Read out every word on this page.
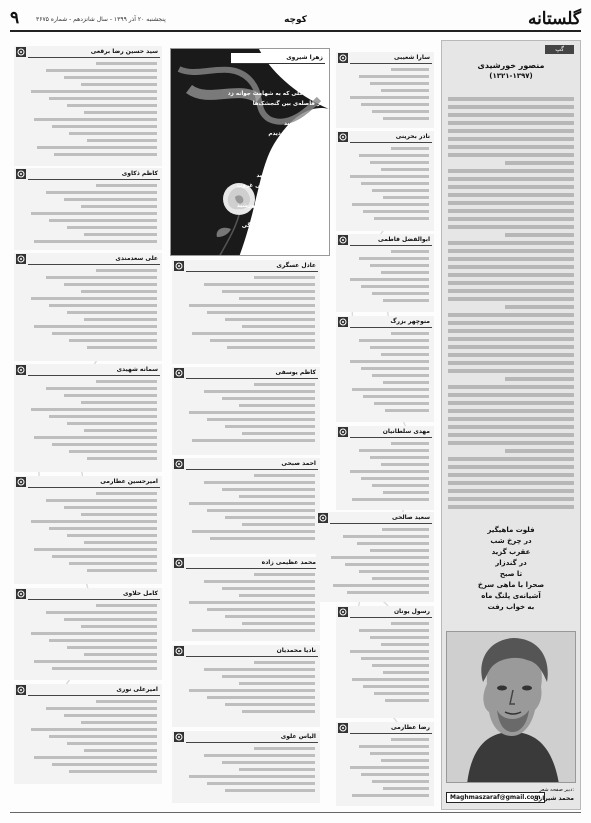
گلستانه
کوچه
پنجشنبه ۲۰ آذر ۱۳۹۹ - سال شانزدهم - شماره ۳۶۷۵
۹
گپ
منصور خورشیدی
(۱۳۲۱-۱۳۹۷)
فلوت ماهیگیر
در چرخ شب
عقرب گزید
در گندزار
تا صبح
صحرا با ماهی سرخ
آشیانه‌ی پلنگ ماه
به خواب رفت
Maghmaszaraf@gmail.com
دبیر صفحه شعر:
محمد شیرازی
زهرا شیروی
شکفته گلی که به شهامت جوانه زد
در فاصله‌ی بین گنجشک‌ها
کسی!
فهمید و رنجید
وآنجا آن خروار دیدم
تا سحر شد
به حیاط سر انداختم
و آرزو کنید:
در حیاط آبی غروب
درد و درمان
روی جهان خورشید
زندگی
و بی‌کسی زندگی
خدا حافظ
سید حسین رضا برقعی
کاظم ذکاوی
علی سعدمندی
سمانه شهیدی
امیرحسین عطارمی
کامل حلاوی
امیرعلی نوری
عادل عسگری
کاظم یوسفی
احمد صبحی
محمد عظیمی زاده
نادیا محمدیان
الیاس علوی
سارا شعیبی
نادر بحرینی
ابوالفضل فاطمی
منوچهر بزرگ
مهدی سلطانیان
سعید صالحی
رسول یونان
رضا عطارمی
